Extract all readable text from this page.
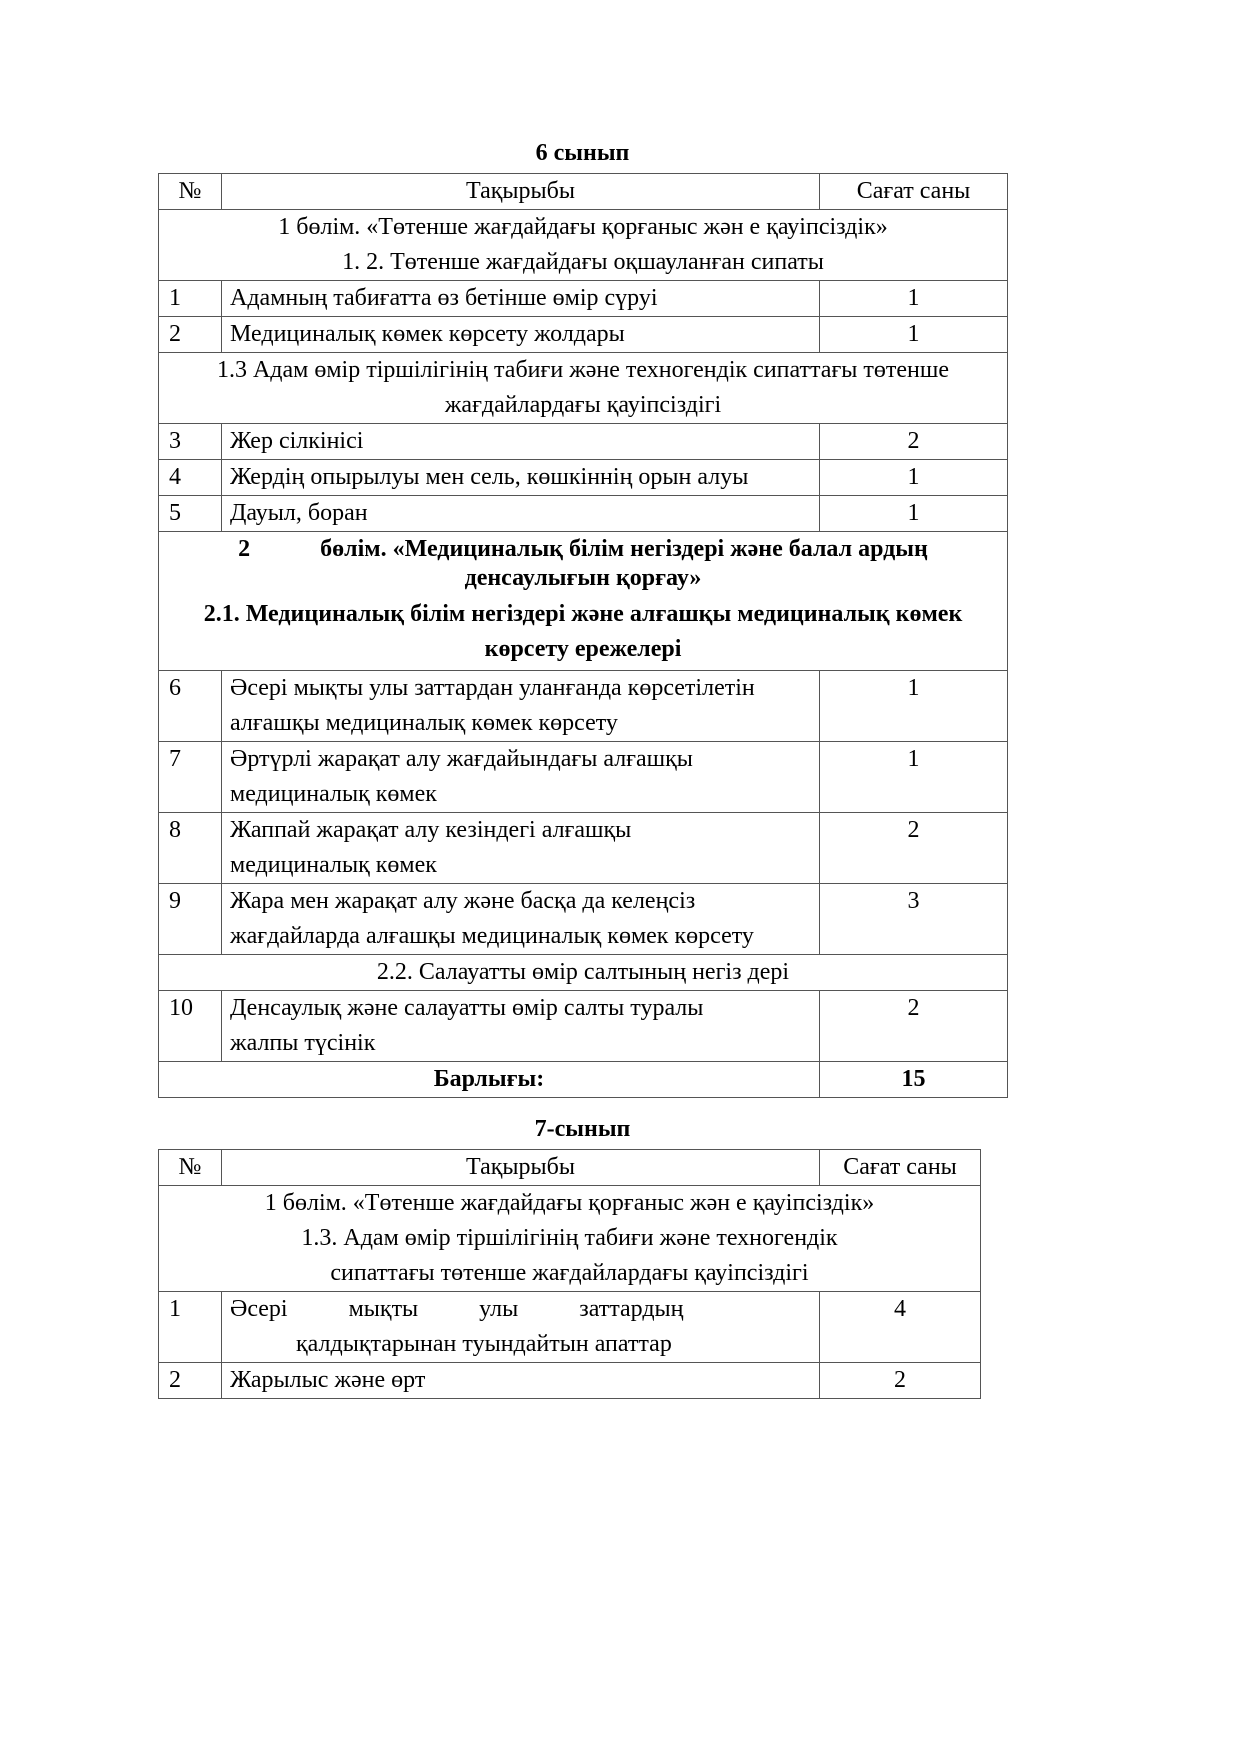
6 сынып
№	Тақырыбы	Сағат саны

1 бөлім. «Төтенше жағдайдағы қорғаныс жән е қауіпсіздік»
1. 2. Төтенше жағдайдағы оқшауланған сипаты		

1	Адамның табиғатта өз бетінше өмір сүруі	1
2	Медициналық көмек көрсету жолдары	1

1.3 Адам өмір тіршілігінің табиғи және техногендік сипаттағы төтенше
жағдайлардағы қауіпсіздігі		

3	Жер сілкінісі	2
4	Жердің опырылуы мен сель, көшкіннің орын алуы	1
5	Дауыл, боран	1

2 бөлім. «Медициналық білім негіздері және балал ардың
денсаулығын қорғау»
2.1. Медициналық білім негіздері және алғашқы медициналық көмек
көрсету ережелері		

6	Әсері мықты улы заттардан уланғанда көрсетілетін
алғашқы медициналық көмек көрсету	1
7	Әртүрлі жарақат алу жағдайындағы алғашқы
медициналық көмек	1
8	Жаппай жарақат алу кезіндегі алғашқы
медициналық көмек	2
9	Жара мен жарақат алу және басқа да келеңсіз
жағдайларда алғашқы медициналық көмек көрсету	3
2.2. Салауатты өмір салтының негіз дері		
10	Денсаулық және салауатты өмір салты туралы
жалпы түсінік	2
Барлығы:		15
7-сынып
№	Тақырыбы	Сағат саны

1 бөлім. «Төтенше жағдайдағы қорғаныс жән е қауіпсіздік»
1.3. Адам өмір тіршілігінің табиғи және техногендік
сипаттағы төтенше жағдайлардағы қауіпсіздігі		

1	Әсері мықты улы заттардың
қалдықтарынан туындайтын апаттар	4
2	Жарылыс және өрт	2
